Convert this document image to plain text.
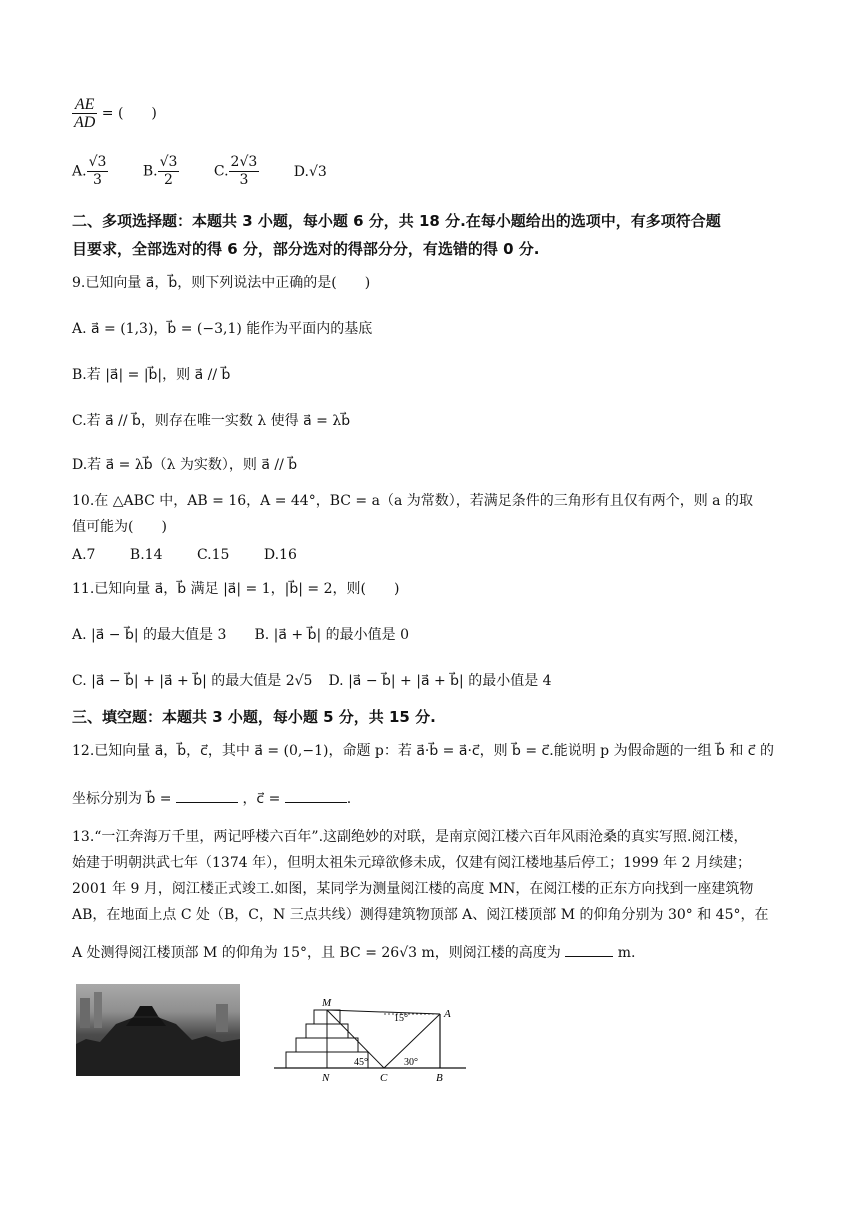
$\frac{AE}{AD}$ = (　　)
A. $\frac{√3}{3} B$. $\frac{√3}{2} C$. $\frac{2√3}{3} D.√3$
二、多项选择题：本题共 3 小题，每小题 6 分，共 18 分.在每小题给出的选项中，有多项符合题
目要求，全部选对的得 6 分，部分选对的得部分分，有选错的得 0 分.
9.已知向量 a⃗，b⃗，则下列说法中正确的是(　　)
A. a⃗ = (1,3)，b⃗ = (−3,1) 能作为平面内的基底
B.若 |a⃗| = |b⃗|，则 a⃗ // b⃗
C.若 a⃗ // b⃗，则存在唯一实数 λ 使得 a⃗ = λb⃗
D.若 a⃗ = λb⃗（λ 为实数），则 a⃗ // b⃗
10.在 △ABC 中，AB = 16，A = 44°，BC = a（a 为常数），若满足条件的三角形有且仅有两个，则 a 的取
值可能为(　　)
A.7 B.14 C.15 D.16
11.已知向量 a⃗，b⃗ 满足 |a⃗| = 1，|b⃗| = 2，则(　　)
A. |a⃗ − b⃗| 的最大值是 3 B. |a⃗ + b⃗| 的最小值是 0
C. |a⃗ − b⃗| + |a⃗ + b⃗| 的最大值是 2√5 D. |a⃗ − b⃗| + |a⃗ + b⃗| 的最小值是 4
三、填空题：本题共 3 小题，每小题 5 分，共 15 分.
12.已知向量 a⃗，b⃗，c⃗，其中 a⃗ = (0,−1)，命题 p：若 a⃗·b⃗ = a⃗·c⃗，则 b⃗ = c⃗.能说明 p 为假命题的一组 b⃗ 和 c⃗ 的
坐标分别为 b⃗ =	，c⃗ =	.
13.“一江奔海万千里，两记呼楼六百年”.这副绝妙的对联，是南京阅江楼六百年风雨沧桑的真实写照.阅江楼，
始建于明朝洪武七年（1374 年），但明太祖朱元璋欲修未成，仅建有阅江楼地基后停工；1999 年 2 月续建；
2001 年 9 月，阅江楼正式竣工.如图，某同学为测量阅江楼的高度 MN，在阅江楼的正东方向找到一座建筑物
AB，在地面上点 C 处（B，C，N 三点共线）测得建筑物顶部 A、阅江楼顶部 M 的仰角分别为 30° 和 45°，在
A 处测得阅江楼顶部 M 的仰角为 15°，且 BC = 26√3 m，则阅江楼的高度为	m.
M
A
N	C	B
15°
45°	30°
